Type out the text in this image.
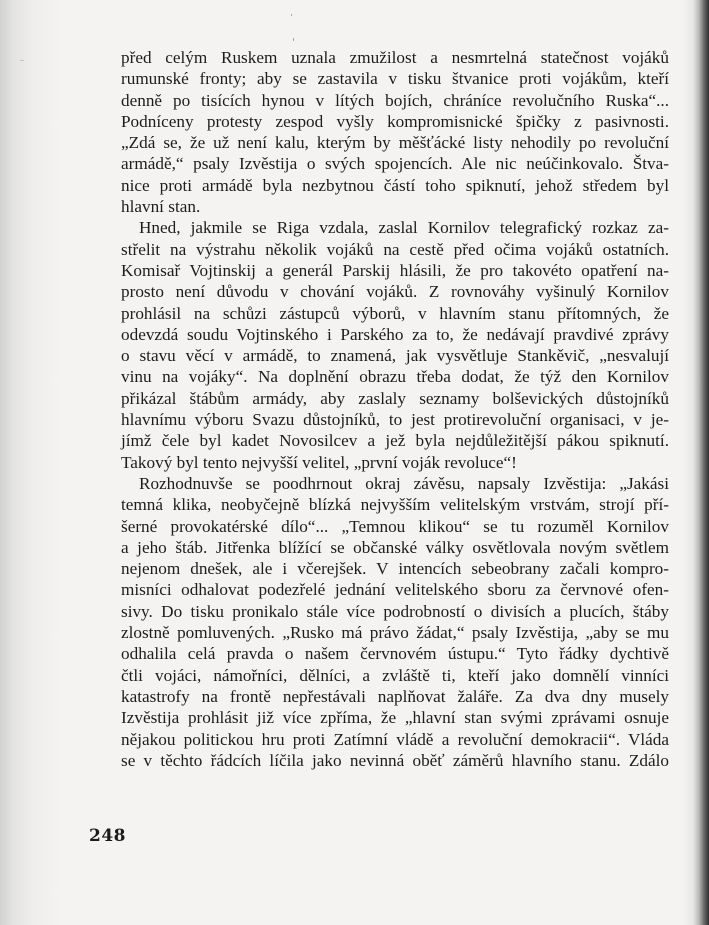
před celým Ruskem uznala zmužilost a nesmrtelná statečnost vojáků
rumunské fronty; aby se zastavila v tisku štvanice proti vojákům, kteří
denně po tisících hynou v lítých bojích, chráníce revolučního Ruska“...
Podníceny protesty zespod vyšly kompromisnické špičky z pasivnosti.
„Zdá se, že už není kalu, kterým by měšťácké listy nehodily po revoluční
armádě,“ psaly Izvěstija o svých spojencích. Ale nic neúčinkovalo. Štva-
nice proti armádě byla nezbytnou částí toho spiknutí, jehož středem byl
hlavní stan.
Hned, jakmile se Riga vzdala, zaslal Kornilov telegrafický rozkaz za-
střelit na výstrahu několik vojáků na cestě před očima vojáků ostatních.
Komisař Vojtinskij a generál Parskij hlásili, že pro takovéto opatření na-
prosto není důvodu v chování vojáků. Z rovnováhy vyšinulý Kornilov
prohlásil na schůzi zástupců výborů, v hlavním stanu přítomných, že
odevzdá soudu Vojtinského i Parského za to, že nedávají pravdivé zprávy
o stavu věcí v armádě, to znamená, jak vysvětluje Stankěvič, „nesvalují
vinu na vojáky“. Na doplnění obrazu třeba dodat, že týž den Kornilov
přikázal štábům armády, aby zaslaly seznamy bolševických důstojníků
hlavnímu výboru Svazu důstojníků, to jest protirevoluční organisaci, v je-
jímž čele byl kadet Novosilcev a jež byla nejdůležitější pákou spiknutí.
Takový byl tento nejvyšší velitel, „první voják revoluce“!
Rozhodnuvše se poodhrnout okraj závěsu, napsaly Izvěstija: „Jakási
temná klika, neobyčejně blízká nejvyšším velitelským vrstvám, strojí pří-
šerné provokatérské dílo“... „Temnou klikou“ se tu rozuměl Kornilov
a jeho štáb. Jitřenka blížící se občanské války osvětlovala novým světlem
nejenom dnešek, ale i včerejšek. V intencích sebeobrany začali kompro-
misníci odhalovat podezřelé jednání velitelského sboru za červnové ofen-
sivy. Do tisku pronikalo stále více podrobností o divisích a plucích, štáby
zlostně pomluvených. „Rusko má právo žádat,“ psaly Izvěstija, „aby se mu
odhalila celá pravda o našem červnovém ústupu.“ Tyto řádky dychtivě
čtli vojáci, námořníci, dělníci, a zvláště ti, kteří jako domnělí vinníci
katastrofy na frontě nepřestávali naplňovat žaláře. Za dva dny musely
Izvěstija prohlásit již více zpříma, že „hlavní stan svými zprávami osnuje
nějakou politickou hru proti Zatímní vládě a revoluční demokracii“. Vláda
se v těchto řádcích líčila jako nevinná oběť záměrů hlavního stanu. Zdálo
248
